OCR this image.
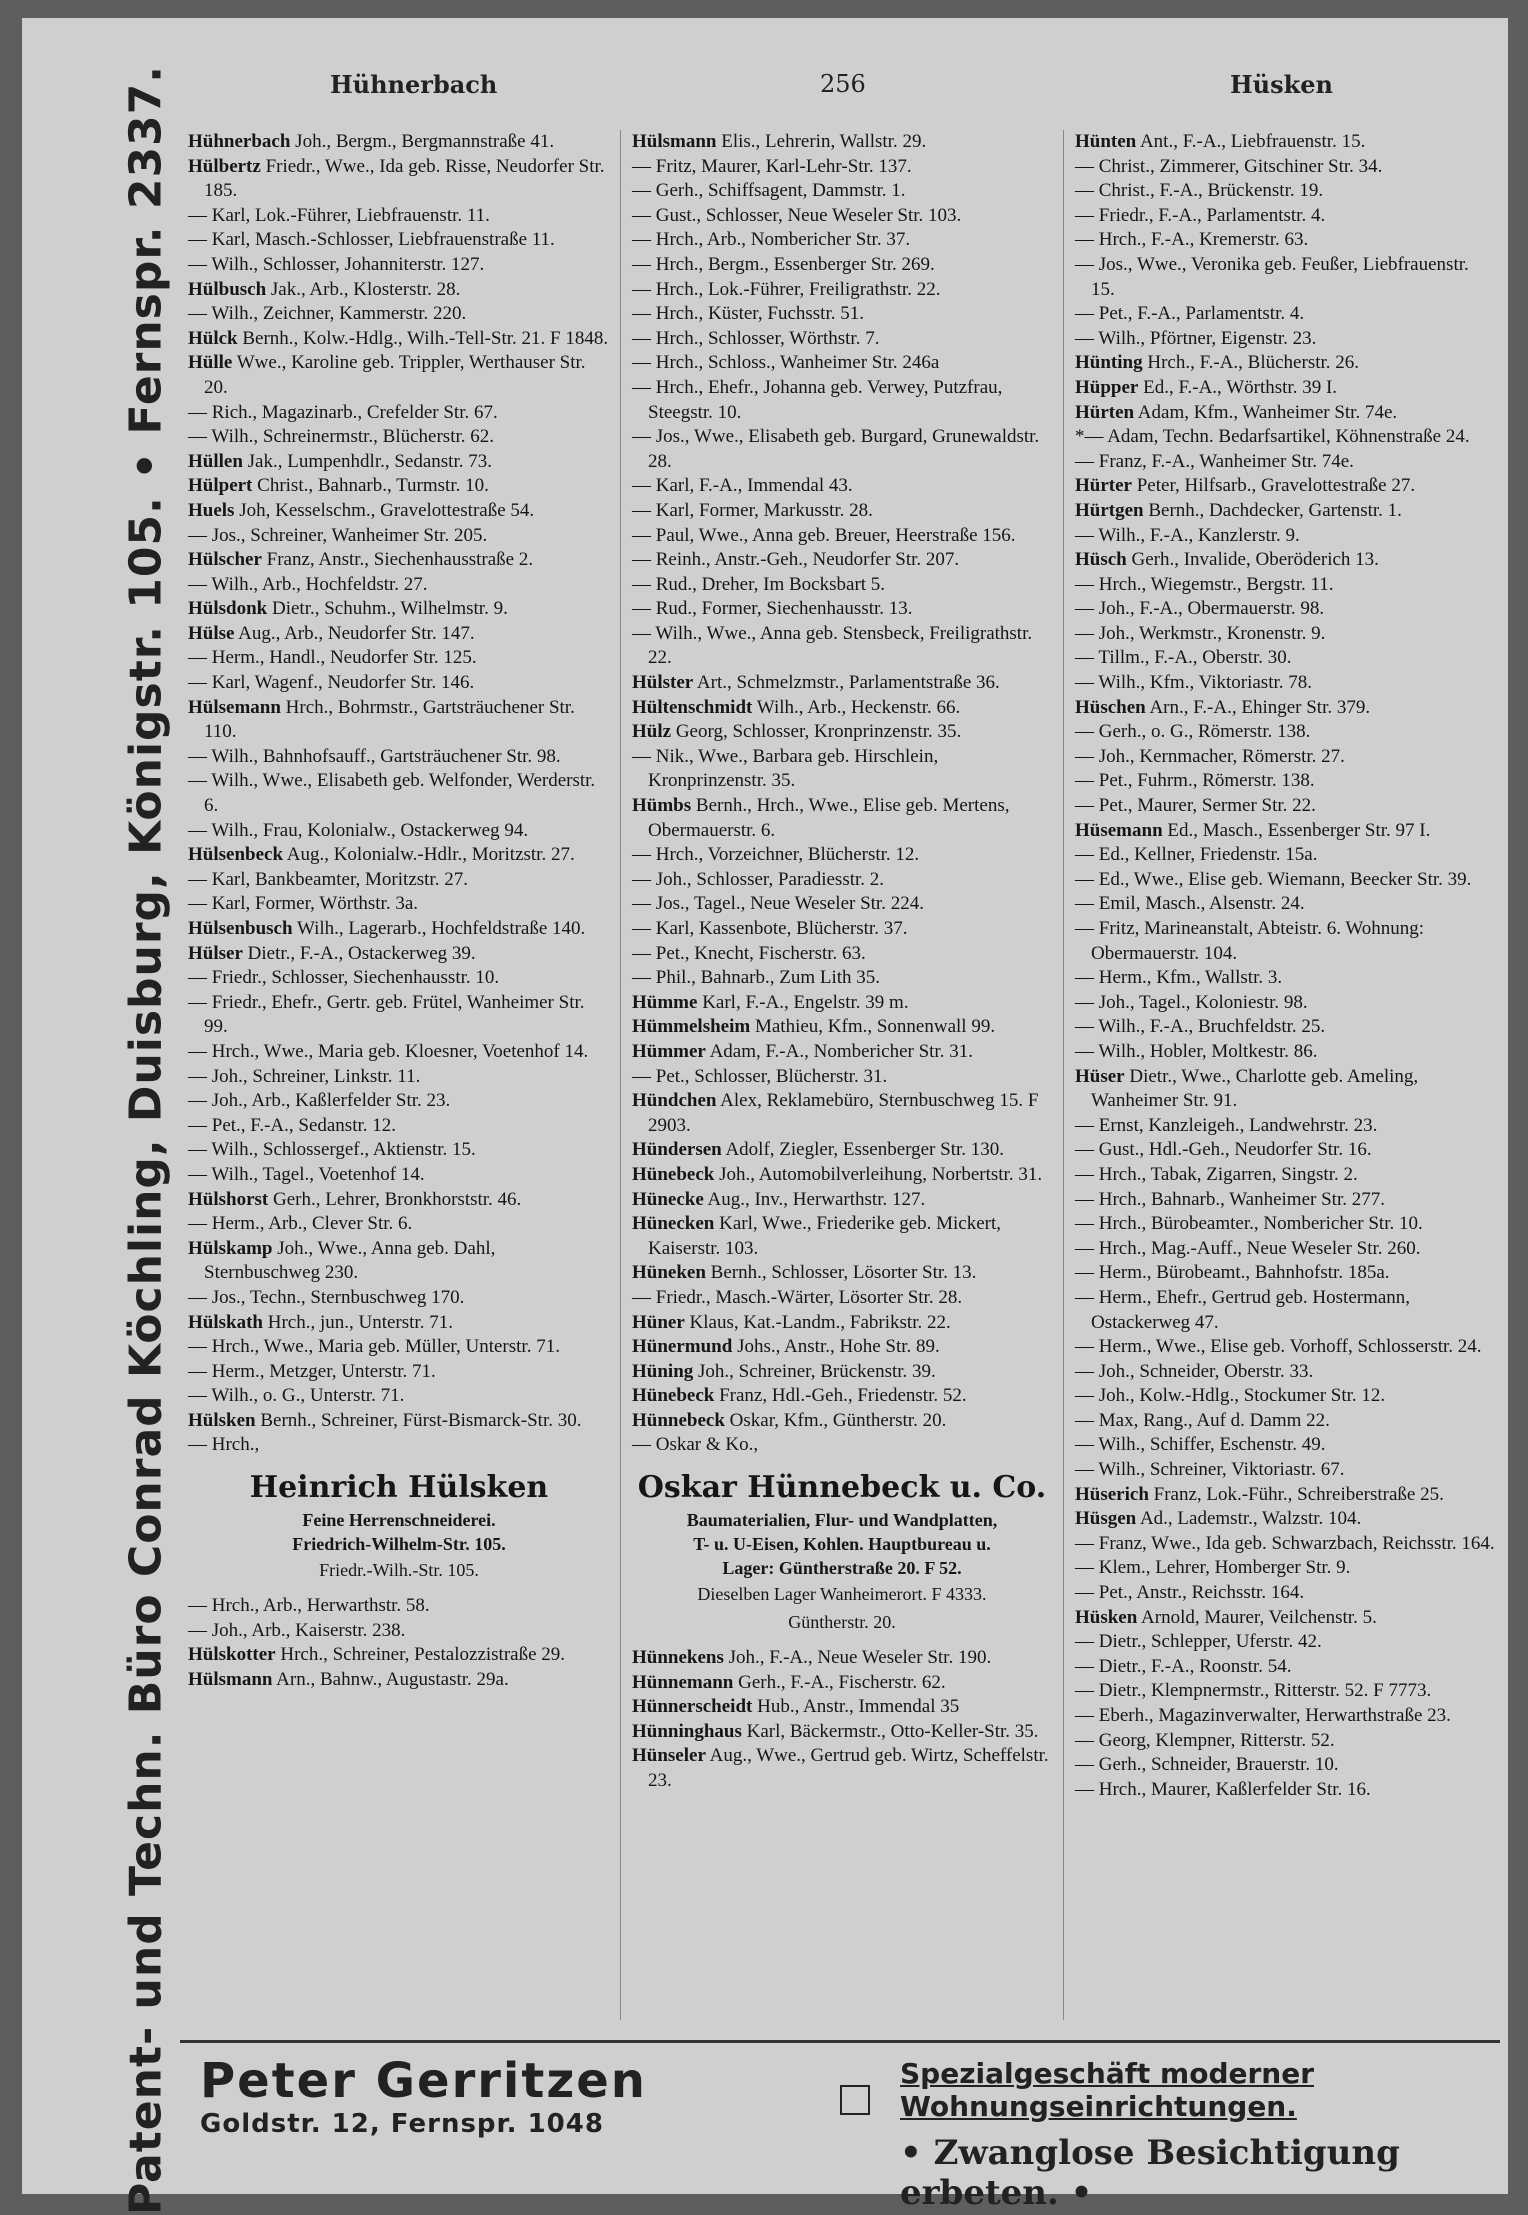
Hühnerbach	256	Hüsken
Patent- und Techn. Büro Conrad Köchling, Duisburg, Königstr. 105. • Fernspr. 2337. Hühnerbach Joh., Bergm., Bergmannstraße 41.
Hülbertz Friedr., Wwe., Ida geb. Risse, Neudorfer Str. 185.
— Karl, Lok.-Führer, Liebfrauenstr. 11.
— Karl, Masch.-Schlosser, Liebfrauenstraße 11.
— Wilh., Schlosser, Johanniterstr. 127.
Hülbusch Jak., Arb., Klosterstr. 28.
— Wilh., Zeichner, Kammerstr. 220.
Hülck Bernh., Kolw.-Hdlg., Wilh.-Tell-Str. 21. F 1848.
Hülle Wwe., Karoline geb. Trippler, Werthauser Str. 20.
— Rich., Magazinarb., Crefelder Str. 67.
— Wilh., Schreinermstr., Blücherstr. 62.
Hüllen Jak., Lumpenhdlr., Sedanstr. 73.
Hülpert Christ., Bahnarb., Turmstr. 10.
Huels Joh, Kesselschm., Gravelottestraße 54.
— Jos., Schreiner, Wanheimer Str. 205.
Hülscher Franz, Anstr., Siechenhausstraße 2.
— Wilh., Arb., Hochfeldstr. 27.
Hülsdonk Dietr., Schuhm., Wilhelmstr. 9.
Hülse Aug., Arb., Neudorfer Str. 147.
— Herm., Handl., Neudorfer Str. 125.
— Karl, Wagenf., Neudorfer Str. 146.
Hülsemann Hrch., Bohrmstr., Gartsträuchener Str. 110.
— Wilh., Bahnhofsauff., Gartsträuchener Str. 98.
— Wilh., Wwe., Elisabeth geb. Welfonder, Werderstr. 6.
— Wilh., Frau, Kolonialw., Ostackerweg 94.
Hülsenbeck Aug., Kolonialw.-Hdlr., Moritzstr. 27.
— Karl, Bankbeamter, Moritzstr. 27.
— Karl, Former, Wörthstr. 3a.
Hülsenbusch Wilh., Lagerarb., Hochfeldstraße 140.
Hülser Dietr., F.-A., Ostackerweg 39.
— Friedr., Schlosser, Siechenhausstr. 10.
— Friedr., Ehefr., Gertr. geb. Frütel, Wanheimer Str. 99.
— Hrch., Wwe., Maria geb. Kloesner, Voetenhof 14.
— Joh., Schreiner, Linkstr. 11.
— Joh., Arb., Kaßlerfelder Str. 23.
— Pet., F.-A., Sedanstr. 12.
— Wilh., Schlossergef., Aktienstr. 15.
— Wilh., Tagel., Voetenhof 14.
Hülshorst Gerh., Lehrer, Bronkhorststr. 46.
— Herm., Arb., Clever Str. 6.
Hülskamp Joh., Wwe., Anna geb. Dahl, Sternbuschweg 230.
— Jos., Techn., Sternbuschweg 170.
Hülskath Hrch., jun., Unterstr. 71.
— Hrch., Wwe., Maria geb. Müller, Unterstr. 71.
— Herm., Metzger, Unterstr. 71.
— Wilh., o. G., Unterstr. 71.
Hülsken Bernh., Schreiner, Fürst-Bismarck-Str. 30.
— Hrch.,
Heinrich Hülsken
Feine Herrenschneiderei.
Friedrich-Wilhelm-Str. 105.
Friedr.-Wilh.-Str. 105.
— Hrch., Arb., Herwarthstr. 58.
— Joh., Arb., Kaiserstr. 238.
Hülskotter Hrch., Schreiner, Pestalozzistraße 29.
Hülsmann Arn., Bahnw., Augustastr. 29a.
Hülsmann Elis., Lehrerin, Wallstr. 29.
— Fritz, Maurer, Karl-Lehr-Str. 137.
— Gerh., Schiffsagent, Dammstr. 1.
— Gust., Schlosser, Neue Weseler Str. 103.
— Hrch., Arb., Nomberiсher Str. 37.
— Hrch., Bergm., Essenberger Str. 269.
— Hrch., Lok.-Führer, Freiligrathstr. 22.
— Hrch., Küster, Fuchsstr. 51.
— Hrch., Schlosser, Wörthstr. 7.
— Hrch., Schloss., Wanheimer Str. 246a
— Hrch., Ehefr., Johanna geb. Verwey, Putzfrau, Steegstr. 10.
— Jos., Wwe., Elisabeth geb. Burgard, Grunewaldstr. 28.
— Karl, F.-A., Immendal 43.
— Karl, Former, Markusstr. 28.
— Paul, Wwe., Anna geb. Breuer, Heerstraße 156.
— Reinh., Anstr.-Geh., Neudorfer Str. 207.
— Rud., Dreher, Im Bocksbart 5.
— Rud., Former, Siechenhausstr. 13.
— Wilh., Wwe., Anna geb. Stensbeck, Freiligrathstr. 22.
Hülster Art., Schmelzmstr., Parlamentstraße 36.
Hültenschmidt Wilh., Arb., Heckenstr. 66.
Hülz Georg, Schlosser, Kronprinzenstr. 35.
— Nik., Wwe., Barbara geb. Hirschlein, Kronprinzenstr. 35.
Hümbs Bernh., Hrch., Wwe., Elise geb. Mertens, Obermauerstr. 6.
— Hrch., Vorzeichner, Blücherstr. 12.
— Joh., Schlosser, Paradiesstr. 2.
— Jos., Tagel., Neue Weseler Str. 224.
— Karl, Kassenbote, Blücherstr. 37.
— Pet., Knecht, Fischerstr. 63.
— Phil., Bahnarb., Zum Lith 35.
Hümme Karl, F.-A., Engelstr. 39 m.
Hümmelsheim Mathieu, Kfm., Sonnenwall 99.
Hümmer Adam, F.-A., Nomberiсher Str. 31.
— Pet., Schlosser, Blücherstr. 31.
Hündchen Alex, Reklamebüro, Sternbuschweg 15. F 2903.
Hündersen Adolf, Ziegler, Essenberger Str. 130.
Hünebeck Joh., Automobilverleihung, Norbertstr. 31.
Hünecke Aug., Inv., Herwarthstr. 127.
Hünecken Karl, Wwe., Friederike geb. Mickert, Kaiserstr. 103.
Hüneken Bernh., Schlosser, Lösorter Str. 13.
— Friedr., Masch.-Wärter, Lösorter Str. 28.
Hüner Klaus, Kat.-Landm., Fabrikstr. 22.
Hünermund Johs., Anstr., Hohe Str. 89.
Hüning Joh., Schreiner, Brückenstr. 39.
Hünebeck Franz, Hdl.-Geh., Friedenstr. 52.
Hünnebeck Oskar, Kfm., Güntherstr. 20.
— Oskar & Ko.,
Oskar Hünnebeck u. Co.
Baumaterialien, Flur- und Wandplatten,
T- u. U-Eisen, Kohlen. Hauptbureau u.
Lager: Güntherstraße 20. F 52.
Dieselben Lager Wanheimerort. F 4333.
Güntherstr. 20.
Hünnekens Joh., F.-A., Neue Weseler Str. 190.
Hünnemann Gerh., F.-A., Fischerstr. 62.
Hünnerscheidt Hub., Anstr., Immendal 35
Hünninghaus Karl, Bäckermstr., Otto-Keller-Str. 35.
Hünseler Aug., Wwe., Gertrud geb. Wirtz, Scheffelstr. 23.
Hünten Ant., F.-A., Liebfrauenstr. 15.
— Christ., Zimmerer, Gitschiner Str. 34.
— Christ., F.-A., Brückenstr. 19.
— Friedr., F.-A., Parlamentstr. 4.
— Hrch., F.-A., Kremerstr. 63.
— Jos., Wwe., Veronika geb. Feußer, Liebfrauenstr. 15.
— Pet., F.-A., Parlamentstr. 4.
— Wilh., Pförtner, Eigenstr. 23.
Hünting Hrch., F.-A., Blücherstr. 26.
Hüpper Ed., F.-A., Wörthstr. 39 I.
Hürten Adam, Kfm., Wanheimer Str. 74e.
*— Adam, Techn. Bedarfsartikel, Köhnenstraße 24.
— Franz, F.-A., Wanheimer Str. 74e.
Hürter Peter, Hilfsarb., Gravelottestraße 27.
Hürtgen Bernh., Dachdecker, Gartenstr. 1.
— Wilh., F.-A., Kanzlerstr. 9.
Hüsch Gerh., Invalide, Oberöderich 13.
— Hrch., Wiegemstr., Bergstr. 11.
— Joh., F.-A., Obermauerstr. 98.
— Joh., Werkmstr., Kronenstr. 9.
— Tillm., F.-A., Oberstr. 30.
— Wilh., Kfm., Viktoriastr. 78.
Hüschen Arn., F.-A., Ehinger Str. 379.
— Gerh., o. G., Römerstr. 138.
— Joh., Kernmacher, Römerstr. 27.
— Pet., Fuhrm., Römerstr. 138.
— Pet., Maurer, Sermer Str. 22.
Hüsemann Ed., Masch., Essenberger Str. 97 I.
— Ed., Kellner, Friedenstr. 15a.
— Ed., Wwe., Elise geb. Wiemann, Beecker Str. 39.
— Emil, Masch., Alsenstr. 24.
— Fritz, Marineanstalt, Abteistr. 6. Wohnung: Obermauerstr. 104.
— Herm., Kfm., Wallstr. 3.
— Joh., Tagel., Koloniestr. 98.
— Wilh., F.-A., Bruchfeldstr. 25.
— Wilh., Hobler, Moltkestr. 86.
Hüser Dietr., Wwe., Charlotte geb. Ameling, Wanheimer Str. 91.
— Ernst, Kanzleigeh., Landwehrstr. 23.
— Gust., Hdl.-Geh., Neudorfer Str. 16.
— Hrch., Tabak, Zigarren, Singstr. 2.
— Hrch., Bahnarb., Wanheimer Str. 277.
— Hrch., Bürobeamter., Nomberiсher Str. 10.
— Hrch., Mag.-Auff., Neue Weseler Str. 260.
— Herm., Bürobeamt., Bahnhofstr. 185a.
— Herm., Ehefr., Gertrud geb. Hostermann, Ostackerweg 47.
— Herm., Wwe., Elise geb. Vorhoff, Schlosserstr. 24.
— Joh., Schneider, Oberstr. 33.
— Joh., Kolw.-Hdlg., Stockumer Str. 12.
— Max, Rang., Auf d. Damm 22.
— Wilh., Schiffer, Eschenstr. 49.
— Wilh., Schreiner, Viktoriastr. 67.
Hüserich Franz, Lok.-Führ., Schreiberstraße 25.
Hüsgen Ad., Lademstr., Walzstr. 104.
— Franz, Wwe., Ida geb. Schwarzbach, Reichsstr. 164.
— Klem., Lehrer, Homberger Str. 9.
— Pet., Anstr., Reichsstr. 164.
Hüsken Arnold, Maurer, Veilchenstr. 5.
— Dietr., Schlepper, Uferstr. 42.
— Dietr., F.-A., Roonstr. 54.
— Dietr., Klempnermstr., Ritterstr. 52. F 7773.
— Eberh., Magazinverwalter, Herwarthstraße 23.
— Georg, Klempner, Ritterstr. 52.
— Gerh., Schneider, Brauerstr. 10.
— Hrch., Maurer, Kaßlerfelder Str. 16.
Peter Gerritzen
Goldstr. 12, Fernspr. 1048
Spezialgeschäft moderner Wohnungseinrichtungen.
• Zwanglose Besichtigung erbeten. •
